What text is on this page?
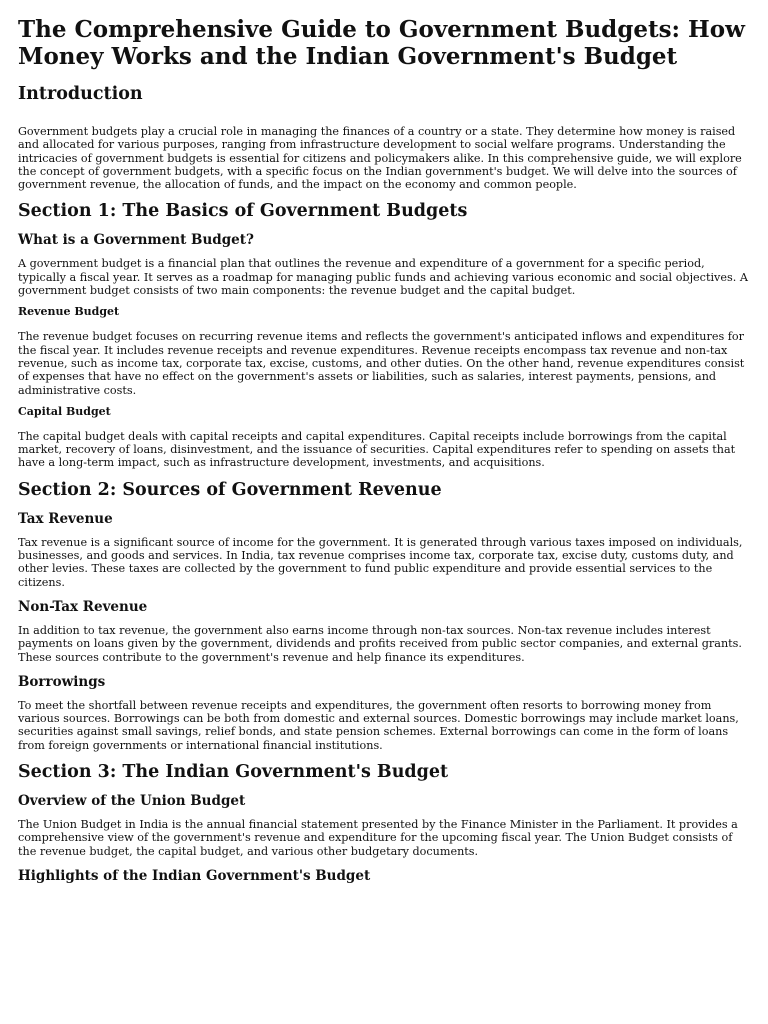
The Comprehensive Guide to Government Budgets: How Money Works and the Indian Government's Budget
Introduction

Government budgets play a crucial role in managing the finances of a country or a state. They determine how money is raised and allocated for various purposes, ranging from infrastructure development to social welfare programs. Understanding the intricacies of government budgets is essential for citizens and policymakers alike. In this comprehensive guide, we will explore the concept of government budgets, with a specific focus on the Indian government's budget. We will delve into the sources of government revenue, the allocation of funds, and the impact on the economy and common people.

Section 1: The Basics of Government Budgets
What is a Government Budget?

A government budget is a financial plan that outlines the revenue and expenditure of a government for a specific period, typically a fiscal year. It serves as a roadmap for managing public funds and achieving various economic and social objectives. A government budget consists of two main components: the revenue budget and the capital budget.

Revenue Budget

The revenue budget focuses on recurring revenue items and reflects the government's anticipated inflows and expenditures for the fiscal year. It includes revenue receipts and revenue expenditures. Revenue receipts encompass tax revenue and non-tax revenue, such as income tax, corporate tax, excise, customs, and other duties. On the other hand, revenue expenditures consist of expenses that have no effect on the government's assets or liabilities, such as salaries, interest payments, pensions, and administrative costs.

Capital Budget

The capital budget deals with capital receipts and capital expenditures. Capital receipts include borrowings from the capital market, recovery of loans, disinvestment, and the issuance of securities. Capital expenditures refer to spending on assets that have a long-term impact, such as infrastructure development, investments, and acquisitions.

Section 2: Sources of Government Revenue
Tax Revenue

Tax revenue is a significant source of income for the government. It is generated through various taxes imposed on individuals, businesses, and goods and services. In India, tax revenue comprises income tax, corporate tax, excise duty, customs duty, and other levies. These taxes are collected by the government to fund public expenditure and provide essential services to the citizens.

Non-Tax Revenue

In addition to tax revenue, the government also earns income through non-tax sources. Non-tax revenue includes interest payments on loans given by the government, dividends and profits received from public sector companies, and external grants. These sources contribute to the government's revenue and help finance its expenditures.

Borrowings

To meet the shortfall between revenue receipts and expenditures, the government often resorts to borrowing money from various sources. Borrowings can be both from domestic and external sources. Domestic borrowings may include market loans, securities against small savings, relief bonds, and state pension schemes. External borrowings can come in the form of loans from foreign governments or international financial institutions.

Section 3: The Indian Government's Budget
Overview of the Union Budget

The Union Budget in India is the annual financial statement presented by the Finance Minister in the Parliament. It provides a comprehensive view of the government's revenue and expenditure for the upcoming fiscal year. The Union Budget consists of the revenue budget, the capital budget, and various other budgetary documents.

Highlights of the Indian Government's Budget
